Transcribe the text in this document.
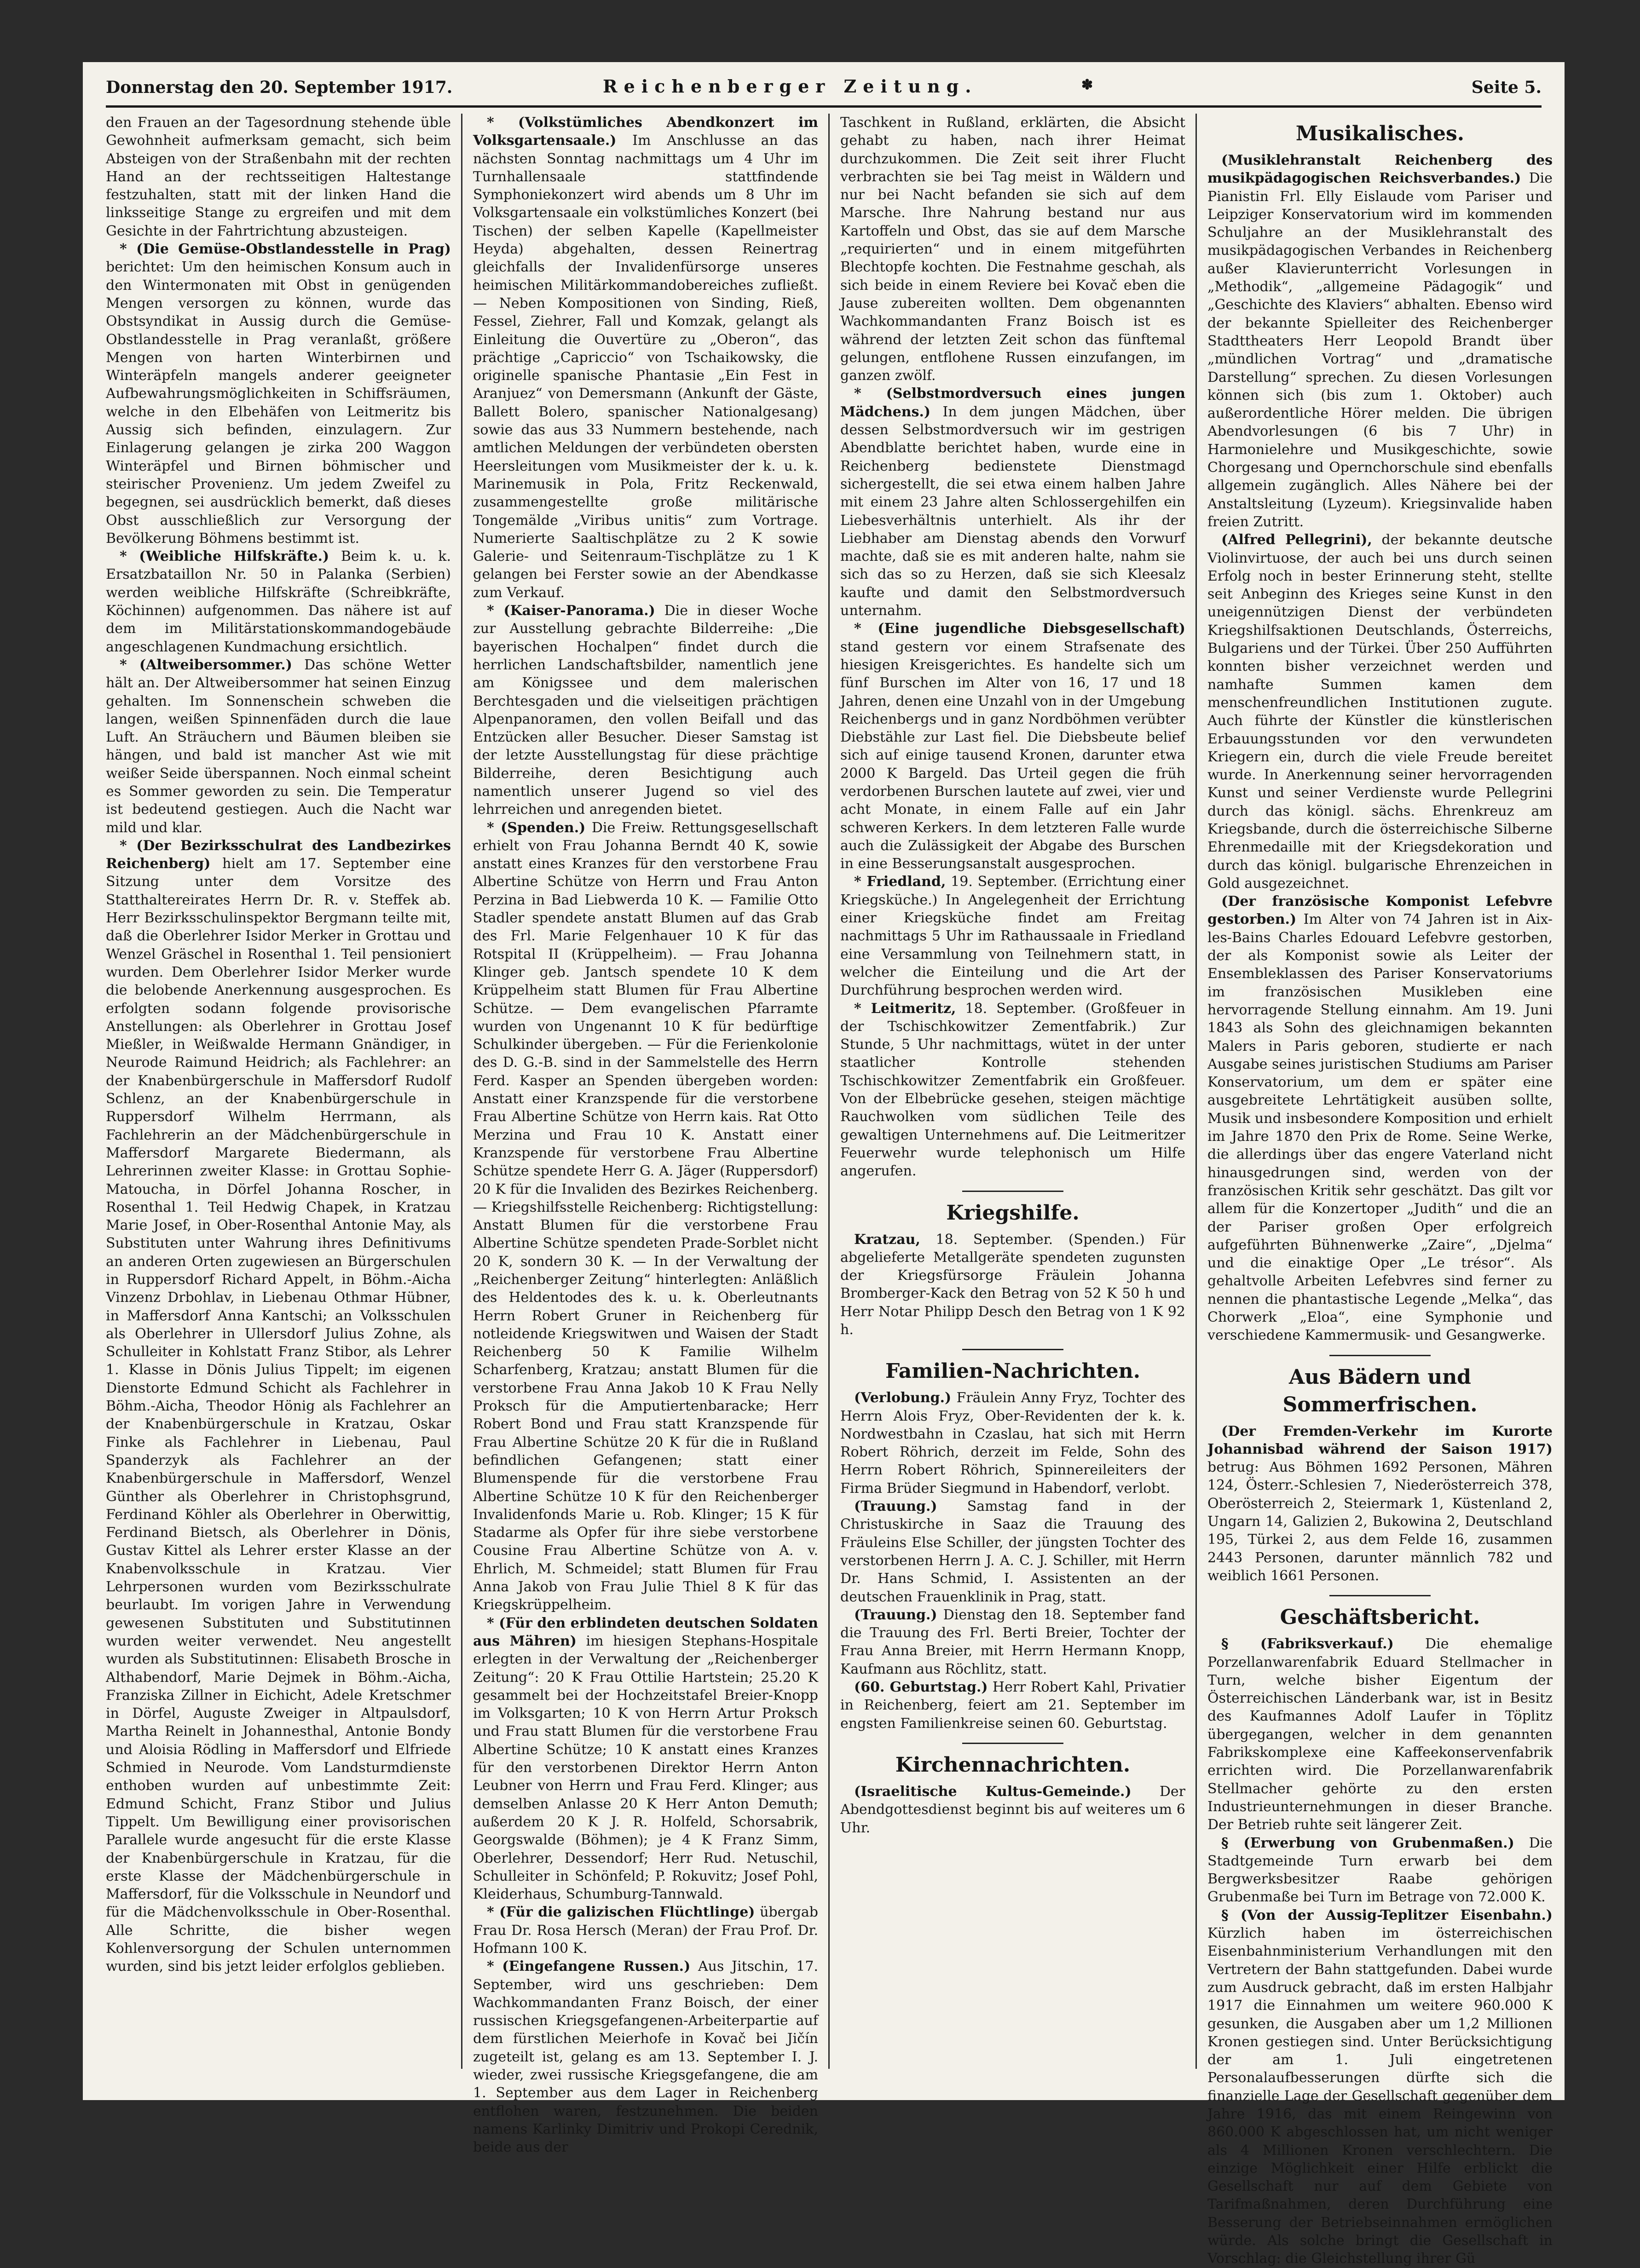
Donnerstag den 20. September 1917.	Reichenberger Zeitung.	✽	Seite 5.

den Frauen an der Tagesordnung stehende üble Gewohnheit aufmerksam gemacht, sich beim Absteigen von der Straßenbahn mit der rechten Hand an der rechtsseitigen Haltestange festzuhalten, statt mit der linken Hand die linksseitige Stange zu ergreifen und mit dem Gesichte in der Fahrtrichtung abzusteigen.

* (Die Gemüse-Obstlandesstelle in Prag) berichtet: Um den heimischen Konsum auch in den Wintermonaten mit Obst in genügenden Mengen versorgen zu können, wurde das Obstsyndikat in Aussig durch die Gemüse-Obstlandesstelle in Prag veranlaßt, größere Mengen von harten Winterbirnen und Winteräpfeln mangels anderer geeigneter Aufbewahrungsmöglichkeiten in Schiffsräumen, welche in den Elbehäfen von Leitmeritz bis Aussig sich befinden, einzulagern. Zur Einlagerung gelangen je zirka 200 Waggon Winteräpfel und Birnen böhmischer und steirischer Provenienz. Um jedem Zweifel zu begegnen, sei ausdrücklich bemerkt, daß dieses Obst ausschließlich zur Versorgung der Bevölkerung Böhmens bestimmt ist.

* (Weibliche Hilfskräfte.) Beim k. u. k. Ersatzbataillon Nr. 50 in Palanka (Serbien) werden weibliche Hilfskräfte (Schreibkräfte, Köchinnen) aufgenommen. Das nähere ist auf dem im Militärstationskommandogebäude angeschlagenen Kundmachung ersichtlich.

* (Altweibersommer.) Das schöne Wetter hält an. Der Altweibersommer hat seinen Einzug gehalten. Im Sonnenschein schweben die langen, weißen Spinnenfäden durch die laue Luft. An Sträuchern und Bäumen bleiben sie hängen, und bald ist mancher Ast wie mit weißer Seide überspannen. Noch einmal scheint es Sommer geworden zu sein. Die Temperatur ist bedeutend gestiegen. Auch die Nacht war mild und klar.

* (Der Bezirksschulrat des Landbezirkes Reichenberg) hielt am 17. September eine Sitzung unter dem Vorsitze des Statthaltereirates Herrn Dr. R. v. Steffek ab. Herr Bezirksschulinspektor Bergmann teilte mit, daß die Oberlehrer Isidor Merker in Grottau und Wenzel Gräschel in Rosenthal 1. Teil pensioniert wurden. Dem Oberlehrer Isidor Merker wurde die belobende Anerkennung ausgesprochen. Es erfolgten sodann folgende provisorische Anstellungen: als Oberlehrer in Grottau Josef Mießler, in Weißwalde Hermann Gnändiger, in Neurode Raimund Heidrich; als Fachlehrer: an der Knabenbürgerschule in Maffersdorf Rudolf Schlenz, an der Knabenbürgerschule in Ruppersdorf Wilhelm Herrmann, als Fachlehrerin an der Mädchenbürgerschule in Maffersdorf Margarete Biedermann, als Lehrerinnen zweiter Klasse: in Grottau Sophie-Matoucha, in Dörfel Johanna Roscher, in Rosenthal 1. Teil Hedwig Chapek, in Kratzau Marie Josef, in Ober-Rosenthal Antonie May, als Substituten unter Wahrung ihres Definitivums an anderen Orten zugewiesen an Bürgerschulen in Ruppersdorf Richard Appelt, in Böhm.-Aicha Vinzenz Drbohlav, in Liebenau Othmar Hübner, in Maffersdorf Anna Kantschi; an Volksschulen als Oberlehrer in Ullersdorf Julius Zohne, als Schulleiter in Kohlstatt Franz Stibor, als Lehrer 1. Klasse in Dönis Julius Tippelt; im eigenen Dienstorte Edmund Schicht als Fachlehrer in Böhm.-Aicha, Theodor Hönig als Fachlehrer an der Knabenbürgerschule in Kratzau, Oskar Finke als Fachlehrer in Liebenau, Paul Spanderzyk als Fachlehrer an der Knabenbürgerschule in Maffersdorf, Wenzel Günther als Oberlehrer in Christophsgrund, Ferdinand Köhler als Oberlehrer in Oberwittig, Ferdinand Bietsch, als Oberlehrer in Dönis, Gustav Kittel als Lehrer erster Klasse an der Knabenvolksschule in Kratzau. Vier Lehrpersonen wurden vom Bezirksschulrate beurlaubt. Im vorigen Jahre in Verwendung gewesenen Substituten und Substitutinnen wurden weiter verwendet. Neu angestellt wurden als Substitutinnen: Elisabeth Brosche in Althabendorf, Marie Dejmek in Böhm.-Aicha, Franziska Zillner in Eichicht, Adele Kretschmer in Dörfel, Auguste Zweiger in Altpaulsdorf, Martha Reinelt in Johannesthal, Antonie Bondy und Aloisia Rödling in Maffersdorf und Elfriede Schmied in Neurode. Vom Landsturmdienste enthoben wurden auf unbestimmte Zeit: Edmund Schicht, Franz Stibor und Julius Tippelt. Um Bewilligung einer provisorischen Parallele wurde angesucht für die erste Klasse der Knabenbürgerschule in Kratzau, für die erste Klasse der Mädchenbürgerschule in Maffersdorf, für die Volksschule in Neundorf und für die Mädchenvolksschule in Ober-Rosenthal. Alle Schritte, die bisher wegen Kohlenversorgung der Schulen unternommen wurden, sind bis jetzt leider erfolglos geblieben.

* (Volkstümliches Abendkonzert im Volksgartensaale.) Im Anschlusse an das nächsten Sonntag nachmittags um 4 Uhr im Turnhallensaale stattfindende Symphoniekonzert wird abends um 8 Uhr im Volksgartensaale ein volkstümliches Konzert (bei Tischen) der selben Kapelle (Kapellmeister Heyda) abgehalten, dessen Reinertrag gleichfalls der Invalidenfürsorge unseres heimischen Militärkommandobereiches zufließt. — Neben Kompositionen von Sinding, Rieß, Fessel, Ziehrer, Fall und Komzak, gelangt als Einleitung die Ouvertüre zu „Oberon“, das prächtige „Capriccio“ von Tschaikowsky, die originelle spanische Phantasie „Ein Fest in Aranjuez“ von Demersmann (Ankunft der Gäste, Ballett Bolero, spanischer Nationalgesang) sowie das aus 33 Nummern bestehende, nach amtlichen Meldungen der verbündeten obersten Heersleitungen vom Musikmeister der k. u. k. Marinemusik in Pola, Fritz Reckenwald, zusammengestellte große militärische Tongemälde „Viribus unitis“ zum Vortrage. Numerierte Saaltischplätze zu 2 K sowie Galerie- und Seitenraum-Tischplätze zu 1 K gelangen bei Ferster sowie an der Abendkasse zum Verkauf.

* (Kaiser-Panorama.) Die in dieser Woche zur Ausstellung gebrachte Bilderreihe: „Die bayerischen Hochalpen“ findet durch die herrlichen Landschaftsbilder, namentlich jene am Königssee und dem malerischen Berchtesgaden und die vielseitigen prächtigen Alpenpanoramen, den vollen Beifall und das Entzücken aller Besucher. Dieser Samstag ist der letzte Ausstellungstag für diese prächtige Bilderreihe, deren Besichtigung auch namentlich unserer Jugend so viel des lehrreichen und anregenden bietet.

* (Spenden.) Die Freiw. Rettungsgesellschaft erhielt von Frau Johanna Berndt 40 K, sowie anstatt eines Kranzes für den verstorbene Frau Albertine Schütze von Herrn und Frau Anton Perzina in Bad Liebwerda 10 K. — Familie Otto Stadler spendete anstatt Blumen auf das Grab des Frl. Marie Felgenhauer 10 K für das Rotspital II (Krüppelheim). — Frau Johanna Klinger geb. Jantsch spendete 10 K dem Krüppelheim statt Blumen für Frau Albertine Schütze. — Dem evangelischen Pfarramte wurden von Ungenannt 10 K für bedürftige Schulkinder übergeben. — Für die Ferienkolonie des D. G.-B. sind in der Sammelstelle des Herrn Ferd. Kasper an Spenden übergeben worden: Anstatt einer Kranzspende für die verstorbene Frau Albertine Schütze von Herrn kais. Rat Otto Merzina und Frau 10 K. Anstatt einer Kranzspende für verstorbene Frau Albertine Schütze spendete Herr G. A. Jäger (Ruppersdorf) 20 K für die Invaliden des Bezirkes Reichenberg. — Kriegshilfsstelle Reichenberg: Richtigstellung: Anstatt Blumen für die verstorbene Frau Albertine Schütze spendeten Prade-Sorblet nicht 20 K, sondern 30 K. — In der Verwaltung der „Reichenberger Zeitung“ hinterlegten: Anläßlich des Heldentodes des k. u. k. Oberleutnants Herrn Robert Gruner in Reichenberg für notleidende Kriegswitwen und Waisen der Stadt Reichenberg 50 K Familie Wilhelm Scharfenberg, Kratzau; anstatt Blumen für die verstorbene Frau Anna Jakob 10 K Frau Nelly Proksch für die Amputiertenbaracke; Herr Robert Bond und Frau statt Kranzspende für Frau Albertine Schütze 20 K für die in Rußland befindlichen Gefangenen; statt einer Blumenspende für die verstorbene Frau Albertine Schütze 10 K für den Reichenberger Invalidenfonds Marie u. Rob. Klinger; 15 K für Stadarme als Opfer für ihre siebe verstorbene Cousine Frau Albertine Schütze von A. v. Ehrlich, M. Schmeidel; statt Blumen für Frau Anna Jakob von Frau Julie Thiel 8 K für das Kriegskrüppelheim.

* (Für den erblindeten deutschen Soldaten aus Mähren) im hiesigen Stephans-Hospitale erlegten in der Verwaltung der „Reichenberger Zeitung“: 20 K Frau Ottilie Hartstein; 25.20 K gesammelt bei der Hochzeitstafel Breier-Knopp im Volksgarten; 10 K von Herrn Artur Proksch und Frau statt Blumen für die verstorbene Frau Albertine Schütze; 10 K anstatt eines Kranzes für den verstorbenen Direktor Herrn Anton Leubner von Herrn und Frau Ferd. Klinger; aus demselben Anlasse 20 K Herr Anton Demuth; außerdem 20 K J. R. Holfeld, Schorsabrik, Georgswalde (Böhmen); je 4 K Franz Simm, Oberlehrer, Dessendorf; Herr Rud. Netuschil, Schulleiter in Schönfeld; P. Rokuvitz; Josef Pohl, Kleiderhaus, Schumburg-Tannwald.

* (Für die galizischen Flüchtlinge) übergab Frau Dr. Rosa Hersch (Meran) der Frau Prof. Dr. Hofmann 100 K.

* (Eingefangene Russen.) Aus Jitschin, 17. September, wird uns geschrieben: Dem Wachkommandanten Franz Boisch, der einer russischen Kriegsgefangenen-Arbeiterpartie auf dem fürstlichen Meierhofe in Kovač bei Jičín zugeteilt ist, gelang es am 13. September I. J. wieder, zwei russische Kriegsgefangene, die am 1. September aus dem Lager in Reichenberg entflohen waren, festzunehmen. Die beiden namens Karlinky Dimitriv und Prokopi Cerednik, beide aus der

Taschkent in Rußland, erklärten, die Absicht gehabt zu haben, nach ihrer Heimat durchzukommen. Die Zeit seit ihrer Flucht verbrachten sie bei Tag meist in Wäldern und nur bei Nacht befanden sie sich auf dem Marsche. Ihre Nahrung bestand nur aus Kartoffeln und Obst, das sie auf dem Marsche „requirierten“ und in einem mitgeführten Blechtopfe kochten. Die Festnahme geschah, als sich beide in einem Reviere bei Kovač eben die Jause zubereiten wollten. Dem obgenannten Wachkommandanten Franz Boisch ist es während der letzten Zeit schon das fünftemal gelungen, entflohene Russen einzufangen, im ganzen zwölf.

* (Selbstmordversuch eines jungen Mädchens.) In dem jungen Mädchen, über dessen Selbstmordversuch wir im gestrigen Abendblatte berichtet haben, wurde eine in Reichenberg bedienstete Dienstmagd sichergestellt, die sei etwa einem halben Jahre mit einem 23 Jahre alten Schlossergehilfen ein Liebesverhältnis unterhielt. Als ihr der Liebhaber am Dienstag abends den Vorwurf machte, daß sie es mit anderen halte, nahm sie sich das so zu Herzen, daß sie sich Kleesalz kaufte und damit den Selbstmordversuch unternahm.

* (Eine jugendliche Diebsgesellschaft) stand gestern vor einem Strafsenate des hiesigen Kreisgerichtes. Es handelte sich um fünf Burschen im Alter von 16, 17 und 18 Jahren, denen eine Unzahl von in der Umgebung Reichenbergs und in ganz Nordböhmen verübter Diebstähle zur Last fiel. Die Diebsbeute belief sich auf einige tausend Kronen, darunter etwa 2000 K Bargeld. Das Urteil gegen die früh verdorbenen Burschen lautete auf zwei, vier und acht Monate, in einem Falle auf ein Jahr schweren Kerkers. In dem letzteren Falle wurde auch die Zulässigkeit der Abgabe des Burschen in eine Besserungsanstalt ausgesprochen.

* Friedland, 19. September. (Errichtung einer Kriegsküche.) In Angelegenheit der Errichtung einer Kriegsküche findet am Freitag nachmittags 5 Uhr im Rathaussaale in Friedland eine Versammlung von Teilnehmern statt, in welcher die Einteilung und die Art der Durchführung besprochen werden wird.

* Leitmeritz, 18. September. (Großfeuer in der Tschischkowitzer Zementfabrik.) Zur Stunde, 5 Uhr nachmittags, wütet in der unter staatlicher Kontrolle stehenden Tschischkowitzer Zementfabrik ein Großfeuer. Von der Elbebrücke gesehen, steigen mächtige Rauchwolken vom südlichen Teile des gewaltigen Unternehmens auf. Die Leitmeritzer Feuerwehr wurde telephonisch um Hilfe angerufen.

Kriegshilfe.

Kratzau, 18. September. (Spenden.) Für abgelieferte Metallgeräte spendeten zugunsten der Kriegsfürsorge Fräulein Johanna Bromberger-Kack den Betrag von 52 K 50 h und Herr Notar Philipp Desch den Betrag von 1 K 92 h.

Familien-Nachrichten.

(Verlobung.) Fräulein Anny Fryz, Tochter des Herrn Alois Fryz, Ober-Revidenten der k. k. Nordwestbahn in Czaslau, hat sich mit Herrn Robert Röhrich, derzeit im Felde, Sohn des Herrn Robert Röhrich, Spinnereileiters der Firma Brüder Siegmund in Habendorf, verlobt.

(Trauung.) Samstag fand in der Christuskirche in Saaz die Trauung des Fräuleins Else Schiller, der jüngsten Tochter des verstorbenen Herrn J. A. C. J. Schiller, mit Herrn Dr. Hans Schmid, I. Assistenten an der deutschen Frauenklinik in Prag, statt.

(Trauung.) Dienstag den 18. September fand die Trauung des Frl. Berti Breier, Tochter der Frau Anna Breier, mit Herrn Hermann Knopp, Kaufmann aus Röchlitz, statt.

(60. Geburtstag.) Herr Robert Kahl, Privatier in Reichenberg, feiert am 21. September im engsten Familienkreise seinen 60. Geburtstag.

Kirchennachrichten.

(Israelitische Kultus-Gemeinde.) Der Abendgottesdienst beginnt bis auf weiteres um 6 Uhr.

Musikalisches.

(Musiklehranstalt Reichenberg des musikpädagogischen Reichsverbandes.) Die Pianistin Frl. Elly Eislaude vom Pariser und Leipziger Konservatorium wird im kommenden Schuljahre an der Musiklehranstalt des musikpädagogischen Verbandes in Reichenberg außer Klavierunterricht Vorlesungen in „Methodik“, „allgemeine Pädagogik“ und „Geschichte des Klaviers“ abhalten. Ebenso wird der bekannte Spielleiter des Reichenberger Stadttheaters Herr Leopold Brandt über „mündlichen Vortrag“ und „dramatische Darstellung“ sprechen. Zu diesen Vorlesungen können sich (bis zum 1. Oktober) auch außerordentliche Hörer melden. Die übrigen Abendvorlesungen (6 bis 7 Uhr) in Harmonielehre und Musikgeschichte, sowie Chorgesang und Opernchorschule sind ebenfalls allgemein zugänglich. Alles Nähere bei der Anstaltsleitung (Lyzeum). Kriegsinvalide haben freien Zutritt.

(Alfred Pellegrini), der bekannte deutsche Violinvirtuose, der auch bei uns durch seinen Erfolg noch in bester Erinnerung steht, stellte seit Anbeginn des Krieges seine Kunst in den uneigennützigen Dienst der verbündeten Kriegshilfsaktionen Deutschlands, Österreichs, Bulgariens und der Türkei. Über 250 Aufführten konnten bisher verzeichnet werden und namhafte Summen kamen dem menschenfreundlichen Institutionen zugute. Auch führte der Künstler die künstlerischen Erbauungsstunden vor den verwundeten Kriegern ein, durch die viele Freude bereitet wurde. In Anerkennung seiner hervorragenden Kunst und seiner Verdienste wurde Pellegrini durch das königl. sächs. Ehrenkreuz am Kriegsbande, durch die österreichische Silberne Ehrenmedaille mit der Kriegsdekoration und durch das königl. bulgarische Ehrenzeichen in Gold ausgezeichnet.

(Der französische Komponist Lefebvre gestorben.) Im Alter von 74 Jahren ist in Aix-les-Bains Charles Edouard Lefebvre gestorben, der als Komponist sowie als Leiter der Ensembleklassen des Pariser Konservatoriums im französischen Musikleben eine hervorragende Stellung einnahm. Am 19. Juni 1843 als Sohn des gleichnamigen bekannten Malers in Paris geboren, studierte er nach Ausgabe seines juristischen Studiums am Pariser Konservatorium, um dem er später eine ausgebreitete Lehrtätigkeit ausüben sollte, Musik und insbesondere Komposition und erhielt im Jahre 1870 den Prix de Rome. Seine Werke, die allerdings über das engere Vaterland nicht hinausgedrungen sind, werden von der französischen Kritik sehr geschätzt. Das gilt vor allem für die Konzertoper „Judith“ und die an der Pariser großen Oper erfolgreich aufgeführten Bühnenwerke „Zaire“, „Djelma“ und die einaktige Oper „Le trésor“. Als gehaltvolle Arbeiten Lefebvres sind ferner zu nennen die phantastische Legende „Melka“, das Chorwerk „Eloa“, eine Symphonie und verschiedene Kammermusik- und Gesangwerke.

Aus Bädern und Sommerfrischen.

(Der Fremden-Verkehr im Kurorte Johannisbad während der Saison 1917) betrug: Aus Böhmen 1692 Personen, Mähren 124, Österr.-Schlesien 7, Niederösterreich 378, Oberösterreich 2, Steiermark 1, Küstenland 2, Ungarn 14, Galizien 2, Bukowina 2, Deutschland 195, Türkei 2, aus dem Felde 16, zusammen 2443 Personen, darunter männlich 782 und weiblich 1661 Personen.

Geschäftsbericht.

§ (Fabriksverkauf.) Die ehemalige Porzellanwarenfabrik Eduard Stellmacher in Turn, welche bisher Eigentum der Österreichischen Länderbank war, ist in Besitz des Kaufmannes Adolf Laufer in Töplitz übergegangen, welcher in dem genannten Fabrikskomplexe eine Kaffeekonservenfabrik errichten wird. Die Porzellanwarenfabrik Stellmacher gehörte zu den ersten Industrieunternehmungen in dieser Branche. Der Betrieb ruhte seit längerer Zeit.

§ (Erwerbung von Grubenmaßen.) Die Stadtgemeinde Turn erwarb bei dem Bergwerksbesitzer Raabe gehörigen Grubenmaße bei Turn im Betrage von 72.000 K.

§ (Von der Aussig-Teplitzer Eisenbahn.) Kürzlich haben im österreichischen Eisenbahnministerium Verhandlungen mit den Vertretern der Bahn stattgefunden. Dabei wurde zum Ausdruck gebracht, daß im ersten Halbjahr 1917 die Einnahmen um weitere 960.000 K gesunken, die Ausgaben aber um 1,2 Millionen Kronen gestiegen sind. Unter Berücksichtigung der am 1. Juli eingetretenen Personalaufbesserungen dürfte sich die finanzielle Lage der Gesellschaft gegenüber dem Jahre 1916, das mit einem Reingewinn von 860.000 K abgeschlossen hat, um nicht weniger als 4 Millionen Kronen verschlechtern. Die einzige Möglichkeit einer Hilfe erblickt die Gesellschaft nur auf dem Gebiete von Tarifmaßnahmen, deren Durchführung eine Besserung der Betriebseinnahmen ermöglichen würde. Als solche bringt die Gesellschaft in Vorschlag: die Gleichstellung ihrer Gü
